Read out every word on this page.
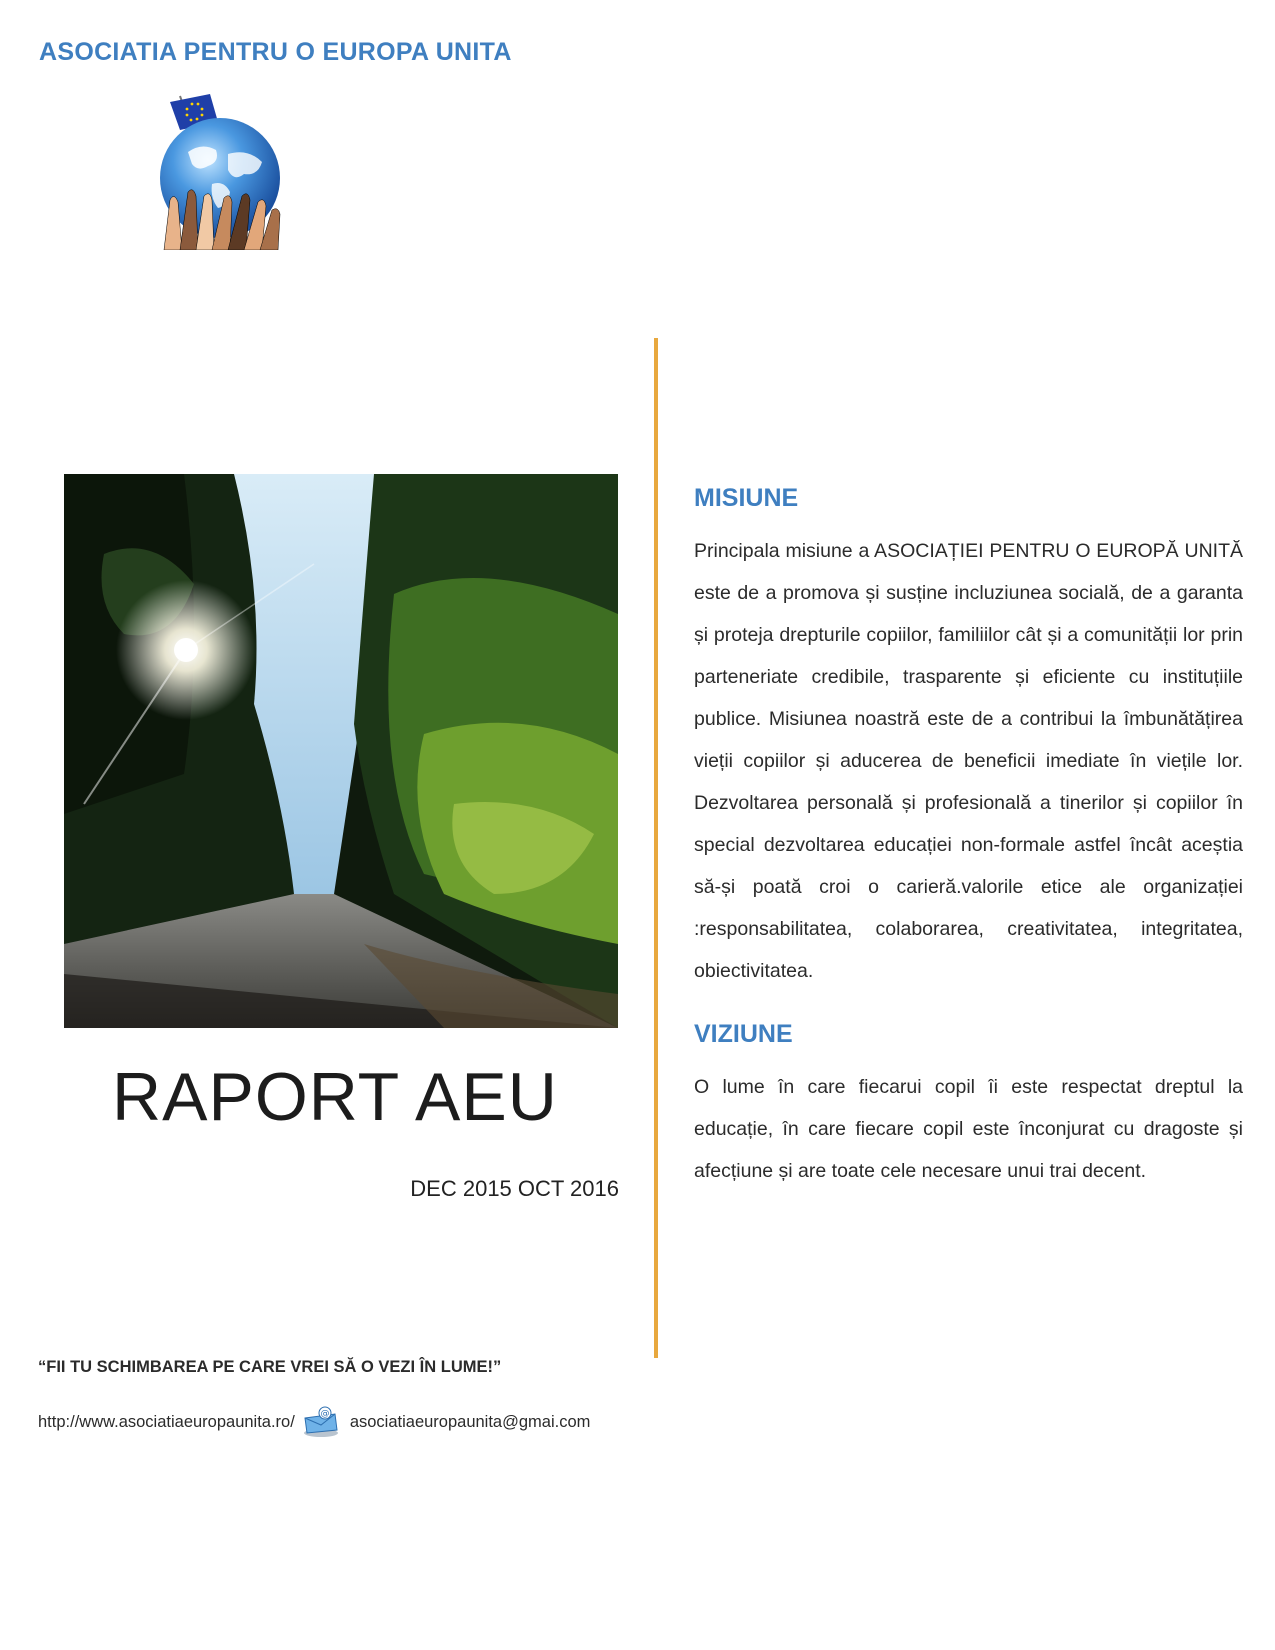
ASOCIATIA PENTRU O EUROPA UNITA
RAPORT AEU
DEC 2015 OCT 2016
MISIUNE

Principala misiune a ASOCIAȚIEI PENTRU O EUROPĂ UNITĂ este de a promova și susține incluziunea socială, de a garanta și proteja drepturile copiilor, familiilor cât și a comunității lor prin parteneriate credibile, trasparente și eficiente cu instituțiile publice. Misiunea noastră este de a contribui la îmbunătățirea vieții copiilor și aducerea de beneficii imediate în viețile lor. Dezvoltarea personală și profesională a tinerilor și copiilor în special dezvoltarea educației non-formale astfel încât aceștia să-și poată croi o carieră.valorile etice ale organizației :responsabilitatea, colaborarea, creativitatea, integritatea, obiectivitatea.

VIZIUNE

O lume în care fiecarui copil îi este respectat dreptul la educație, în care fiecare copil este înconjurat cu dragoste și afecțiune și are toate cele necesare unui trai decent.

“FII TU SCHIMBAREA PE CARE VREI SĂ O VEZI ÎN LUME!”
http://www.asociatiaeuropaunita.ro/	@ asociatiaeuropaunita@gmai.com
